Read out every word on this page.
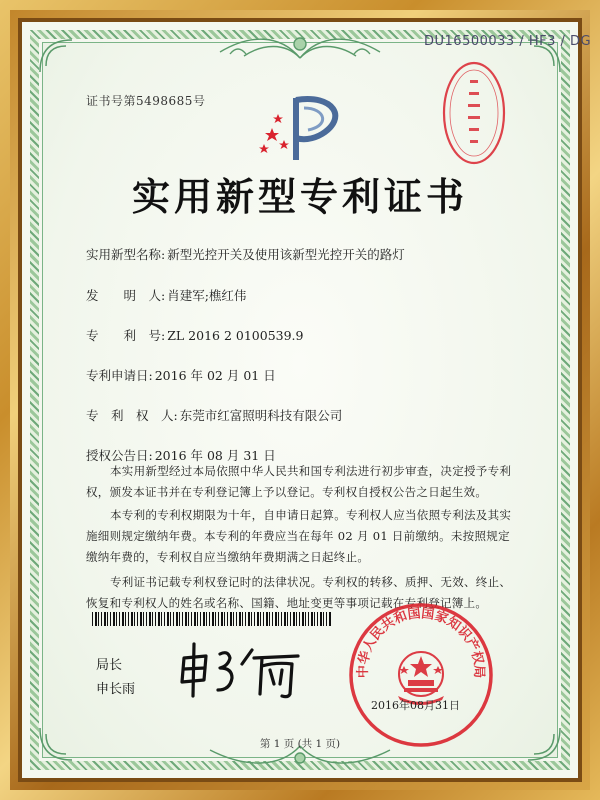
DU16500033 / HF3 / DG
证书号第5498685号
实用新型专利证书
实用新型名称: 新型光控开关及使用该新型光控开关的路灯
发　　明　人: 肖建军;樵红伟
专　　利　号: ZL 2016 2 0100539.9
专利申请日: 2016 年 02 月 01 日
专　利　权　人: 东莞市红富照明科技有限公司
授权公告日: 2016 年 08 月 31 日
本实用新型经过本局依照中华人民共和国专利法进行初步审查，决定授予专利权，颁发本证书并在专利登记簿上予以登记。专利权自授权公告之日起生效。
本专利的专利权期限为十年，自申请日起算。专利权人应当依照专利法及其实施细则规定缴纳年费。本专利的年费应当在每年 02 月 01 日前缴纳。未按照规定缴纳年费的，专利权自应当缴纳年费期满之日起终止。
专利证书记载专利权登记时的法律状况。专利权的转移、质押、无效、终止、恢复和专利权人的姓名或名称、国籍、地址变更等事项记载在专利登记簿上。
局长
申长雨
中华人民共和国国家知识产权局
2016年08月31日
第 1 页 (共 1 页)
